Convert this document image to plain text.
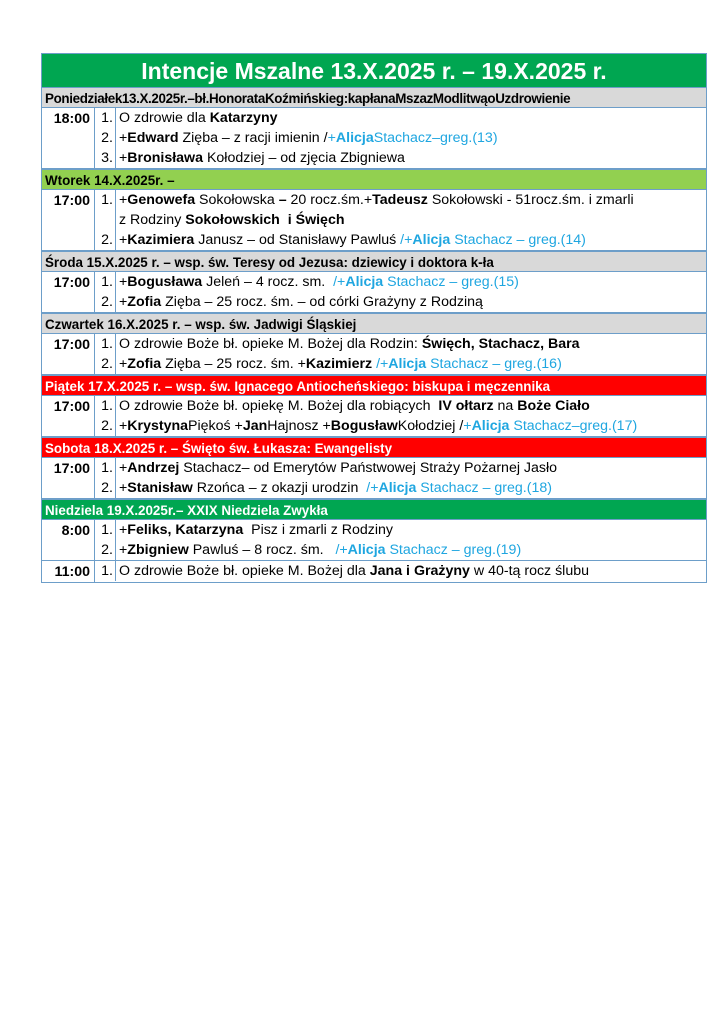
Intencje Mszalne 13.X.2025 r. – 19.X.2025 r.
Poniedziałek13.X.2025r.–bł.HonorataKoźmińskieg:kapłanaMszazModlitwąoUzdrowienie
18:00 1. O zdrowie dla Katarzyny
2. +Edward Zięba – z racji imienin /+AlicjaStachacz–greg.(13)
3. +Bronisława Kołodziej – od zjęcia Zbigniewa
Wtorek 14.X.2025r. –
17:00 1. +Genowefa Sokołowska – 20 rocz.śm.+Tadeusz Sokołowski - 51rocz.śm. i zmarli
z Rodziny Sokołowskich  i Święch
2. +Kazimiera Janusz – od Stanisławy Pawluś /+Alicja Stachacz – greg.(14)
Środa 15.X.2025 r. – wsp. św. Teresy od Jezusa: dziewicy i doktora k-ła
17:00 1. +Bogusława Jeleń – 4 rocz. sm.  /+Alicja Stachacz – greg.(15)
2. +Zofia Zięba – 25 rocz. śm. – od córki Grażyny z Rodziną
Czwartek 16.X.2025 r. – wsp. św. Jadwigi Śląskiej
17:00 1. O zdrowie Boże bł. opieke M. Bożej dla Rodzin: Święch, Stachacz, Bara
2. +Zofia Zięba – 25 rocz. śm. +Kazimierz /+Alicja Stachacz – greg.(16)
Piątek 17.X.2025 r. – wsp. św. Ignacego Antiocheńskiego: biskupa i męczennika
17:00 1. O zdrowie Boże bł. opiekę M. Bożej dla robiących  IV ołtarz na Boże Ciało
2. +KrystynaPiękoś +JanHajnosz +BogusławKołodziej /+Alicja Stachacz–greg.(17)
Sobota 18.X.2025 r. – Święto św. Łukasza: Ewangelisty
17:00 1. +Andrzej Stachacz– od Emerytów Państwowej Straży Pożarnej Jasło
2. +Stanisław Rzońca – z okazji urodzin  /+Alicja Stachacz – greg.(18)
Niedziela 19.X.2025r.– XXIX Niedziela Zwykła
8:00 1. +Feliks, Katarzyna  Pisz i zmarli z Rodziny
2. +Zbigniew Pawluś – 8 rocz. śm.   /+Alicja Stachacz – greg.(19)
11:00 1. O zdrowie Boże bł. opieke M. Bożej dla Jana i Grażyny w 40-tą rocz ślubu
